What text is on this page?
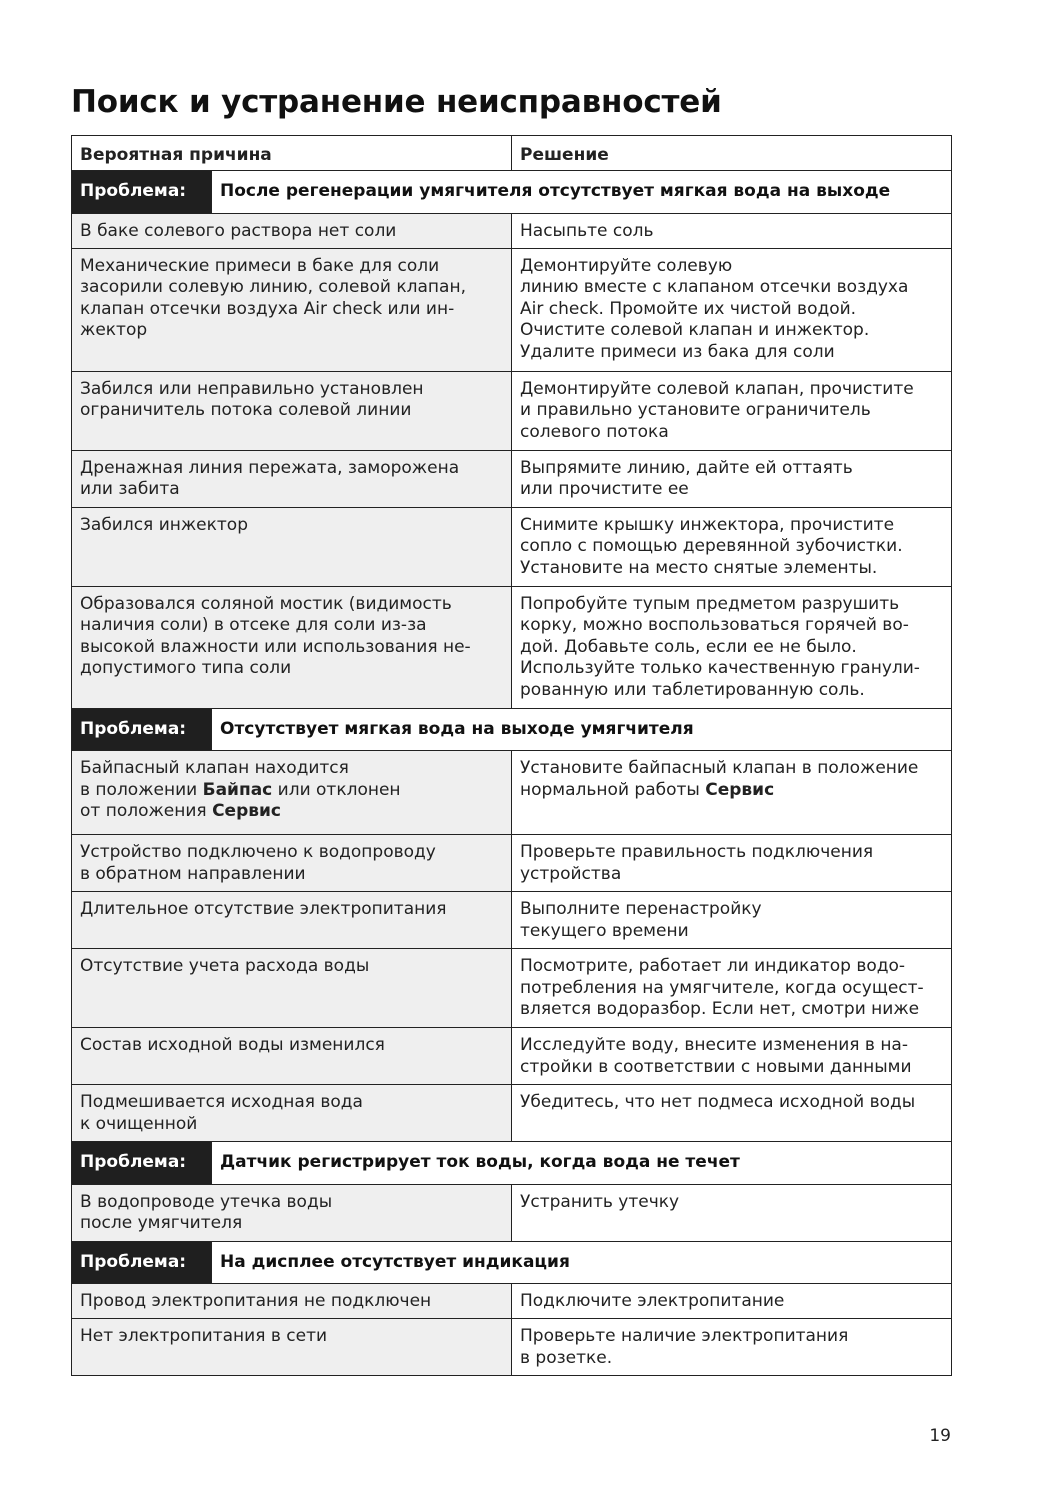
Поиск и устранение неисправностей
Вероятная причина		Решение
Проблема:	После регенерации умягчителя отсутствует мягкая вода на выходе	

В баке солевого раствора нет соли		Насыпьте соль

Механические примеси в баке для соли
засорили солевую линию, солевой клапан,
клапан отсечки воздуха Air check или ин-
жектор		Демонтируйте солевую
линию вместе с клапаном отсечки воздуха
Air check. Промойте их чистой водой.
Очистите солевой клапан и инжектор.
Удалите примеси из бака для соли

Забился или неправильно установлен
ограничитель потока солевой линии		Демонтируйте солевой клапан, прочистите
и правильно установите ограничитель
солевого потока

Дренажная линия пережата, заморожена
или забита		Выпрямите линию, дайте ей оттаять
или прочистите ее

Забился инжектор		Снимите крышку инжектора, прочистите
сопло с помощью деревянной зубочистки.
Установите на место снятые элементы.

Образовался соляной мостик (видимость
наличия соли) в отсеке для соли из-за
высокой влажности или использования не-
допустимого типа соли		Попробуйте тупым предметом разрушить
корку, можно воспользоваться горячей во-
дой. Добавьте соль, если ее не было.
Используйте только качественную гранули-
рованную или таблетированную соль.

Проблема:	Отсутствует мягкая вода на выходе умягчителя	

Байпасный клапан находится
в положении Байпас или отклонен
от положения Сервис		Установите байпасный клапан в положение
нормальной работы Сервис

Устройство подключено к водопроводу
в обратном направлении		Проверьте правильность подключения
устройства

Длительное отсутствие электропитания		Выполните перенастройку
текущего времени

Отсутствие учета расхода воды		Посмотрите, работает ли индикатор водо-
потребления на умягчителе, когда осущест-
вляется водоразбор. Если нет, смотри ниже

Состав исходной воды изменился		Исследуйте воду, внесите изменения в на-
стройки в соответствии с новыми данными

Подмешивается исходная вода
к очищенной		Убедитесь, что нет подмеса исходной воды

Проблема:	Датчик регистрирует ток воды, когда вода не течет	

В водопроводе утечка воды
после умягчителя		Устранить утечку

Проблема:	На дисплее отсутствует индикация	

Провод электропитания не подключен		Подключите электропитание

Нет электропитания в сети		Проверьте наличие электропитания
в розетке.
19
